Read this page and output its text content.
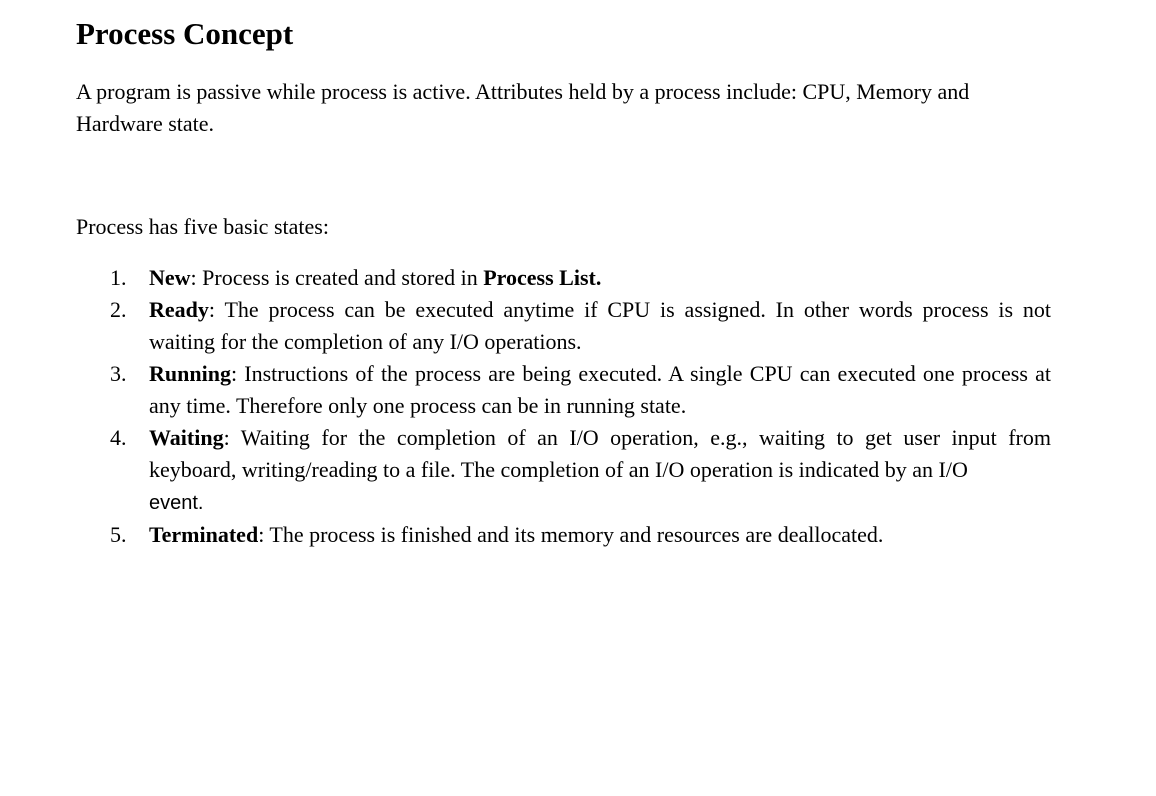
Process Concept

A program is passive while process is active. Attributes held by a process include: CPU, Memory and Hardware state.

Process has five basic states:

1. New: Process is created and stored in Process List.
2. Ready: The process can be executed anytime if CPU is assigned. In other words process is not waiting for the completion of any I/O operations.
3. Running: Instructions of the process are being executed. A single CPU can executed one process at any time. Therefore only one process can be in running state.
4. Waiting: Waiting for the completion of an I/O operation, e.g., waiting to get user input from keyboard, writing/reading to a file. The completion of an I/O operation is indicated by an I/O
event.
5. Terminated: The process is finished and its memory and resources are deallocated.
